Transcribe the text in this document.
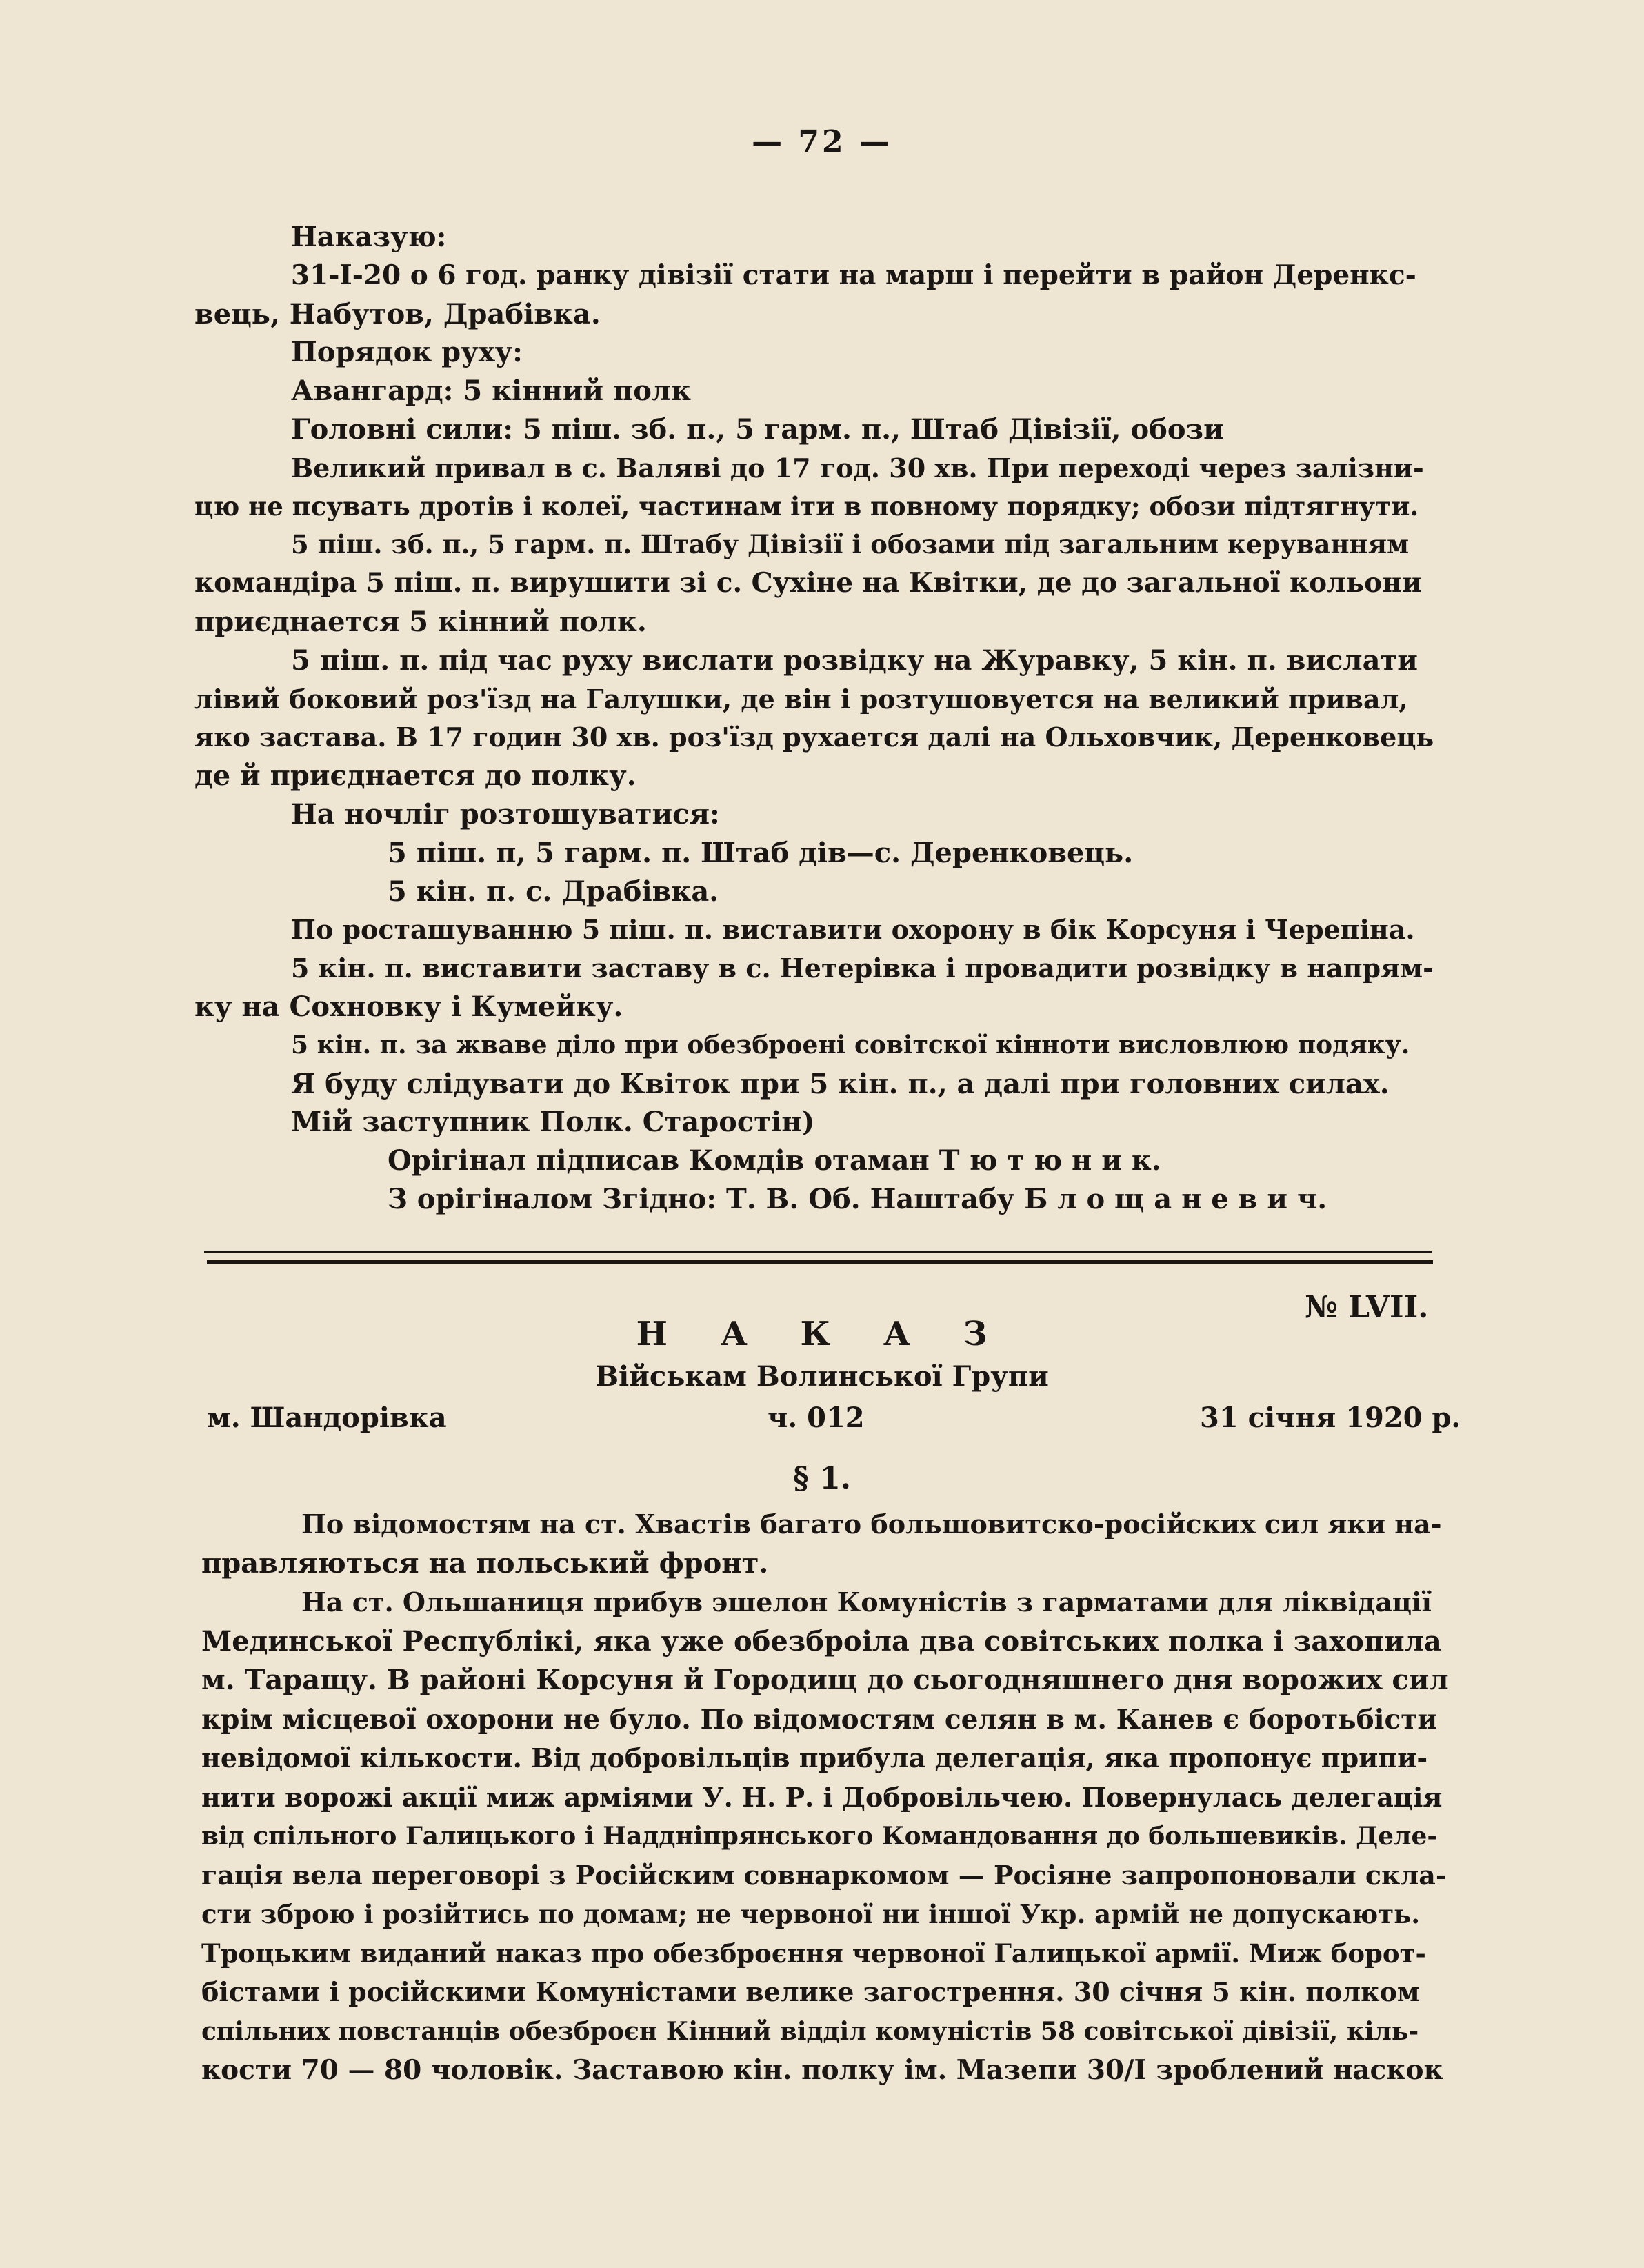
— 72 —

Наказую:

31-І-20 о 6 год. ранку дівізії стати на марш і перейти в район Деренкс-

вець, Набутов, Драбівка.

Порядок руху:

Авангард: 5 кінний полк

Головні сили: 5 піш. зб. п., 5 гарм. п., Штаб Дівізії, обози

Великий привал в с. Валяві до 17 год. 30 хв. При переході через залізни-

цю не псувать дротів і колеї, частинам іти в повному порядку; обози підтягнути.

5 піш. зб. п., 5 гарм. п. Штабу Дівізії і обозами під загальним керуванням

командіра 5 піш. п. вирушити зі с. Сухіне на Квітки, де до загальної кольони

приєднается 5 кінний полк.

5 піш. п. під час руху вислати розвідку на Журавку, 5 кін. п. вислати

лівий боковий роз'їзд на Галушки, де він і розтушовуется на великий привал,

яко застава. В 17 годин 30 хв. роз'їзд рухается далі на Ольховчик, Деренковець

де й приєднается до полку.

На ночліг розтошуватися:

5 піш. п, 5 гарм. п. Штаб дів—с. Деренковець.

5 кін. п. с. Драбівка.

По росташуванню 5 піш. п. виставити охорону в бік Корсуня і Черепіна.

5 кін. п. виставити заставу в с. Нетерівка і провадити розвідку в напрям-

ку на Сохновку і Кумейку.

5 кін. п. за жваве діло при обезброені совітскої кінноти висловлюю подяку.

Я буду слідувати до Квіток при 5 кін. п., а далі при головних силах.

Мій заступник Полк. Старостін)

Орігінал підписав Комдів отаман Т ю т ю н и к.

З орігіналом Згідно: Т. В. Об. Наштабу Б л о щ а н е в и ч.

№ LVII.
Н А К А З
Військам Волинської Групи
м. Шандорівка	ч. 012	31 січня 1920 р.
§ 1.

По відомостям на ст. Хвастів багато большовитско-російских сил яки на-

правляються на польський фронт.

На ст. Ольшаниця прибув эшелон Комуністів з гарматами для ліквідації

Мединської Республікі, яка уже обезброіла два совітських полка і захопила

м. Таращу. В районі Корсуня й Городищ до сьогодняшнего дня ворожих сил

крім місцевої охорони не було. По відомостям селян в м. Канев є боротьбісти

невідомої кількости. Від добровільців прибула делегація, яка пропонує припи-

нити ворожі акції миж арміями У. Н. Р. і Добровільчею. Повернулась делегація

від спільного Галицького і Наддніпрянського Командовання до большевиків. Деле-

гація вела переговорі з Російским совнаркомом — Росіяне запропоновали скла-

сти зброю і розійтись по домам; не червоної ни іншої Укр. армій не допускають.

Троцьким виданий наказ про обезброєння червоної Галицької армії. Миж борот-

бістами і російскими Комуністами велике загострення. 30 січня 5 кін. полком

спільних повстанців обезброєн Кінний відділ комуністів 58 совітської дівізії, кіль-

кости 70 — 80 чоловік. Заставою кін. полку ім. Мазепи 30/I зроблений наскок
